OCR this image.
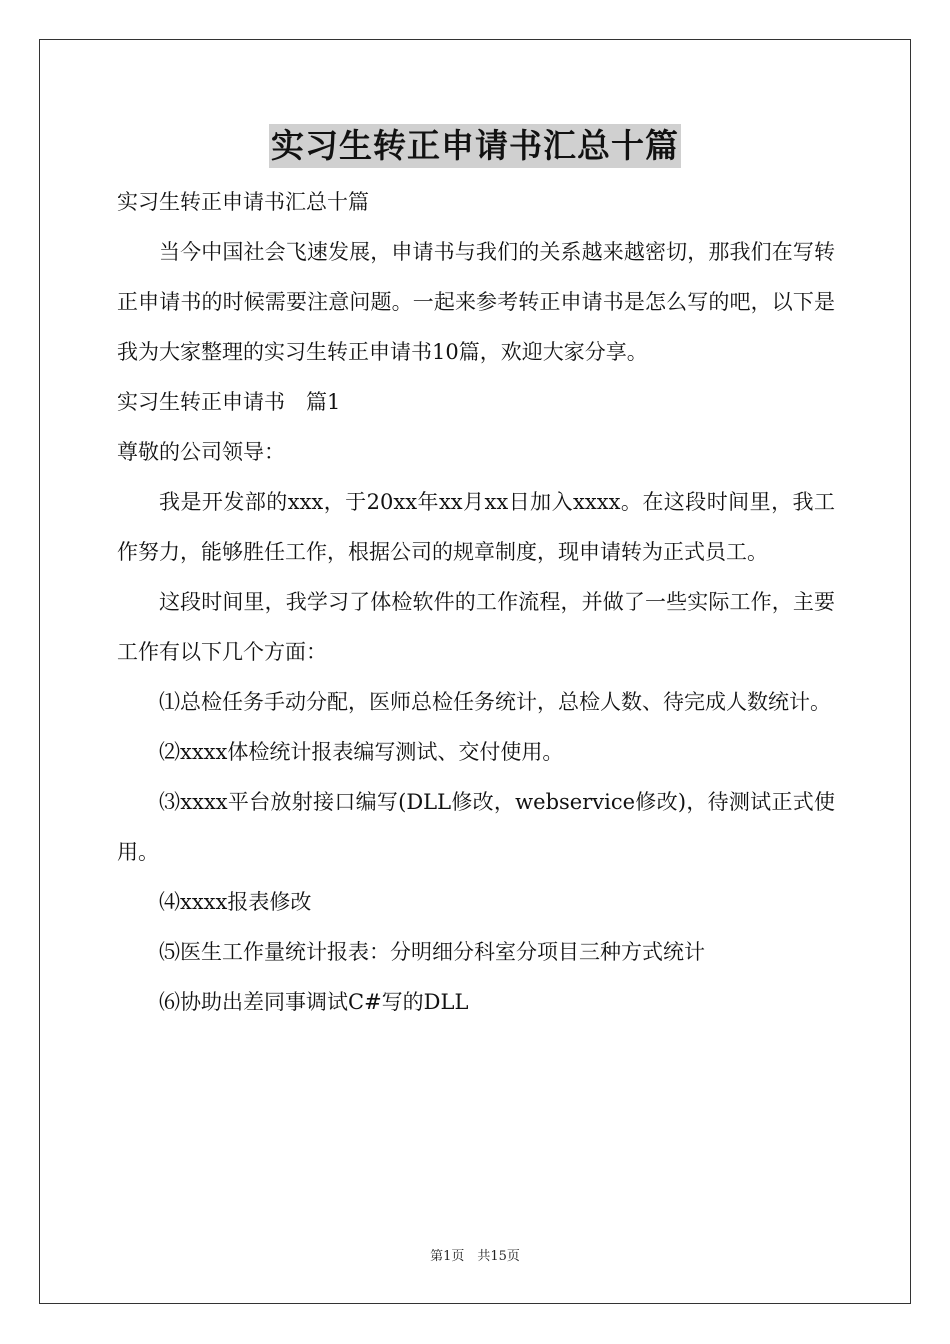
实习生转正申请书汇总十篇

实习生转正申请书汇总十篇

当今中国社会飞速发展，申请书与我们的关系越来越密切，那我们在写转正申请书的时候需要注意问题。一起来参考转正申请书是怎么写的吧，以下是我为大家整理的实习生转正申请书10篇，欢迎大家分享。

实习生转正申请书　篇1

尊敬的公司领导：

我是开发部的xxx，于20xx年xx月xx日加入xxxx。在这段时间里，我工作努力，能够胜任工作，根据公司的规章制度，现申请转为正式员工。

这段时间里，我学习了体检软件的工作流程，并做了一些实际工作，主要工作有以下几个方面：

⑴总检任务手动分配，医师总检任务统计，总检人数、待完成人数统计。

⑵xxxx体检统计报表编写测试、交付使用。

⑶xxxx平台放射接口编写(DLL修改，webservice修改)，待测试正式使用。

⑷xxxx报表修改

⑸医生工作量统计报表：分明细分科室分项目三种方式统计

⑹协助出差同事调试C#写的DLL

第1页　共15页
